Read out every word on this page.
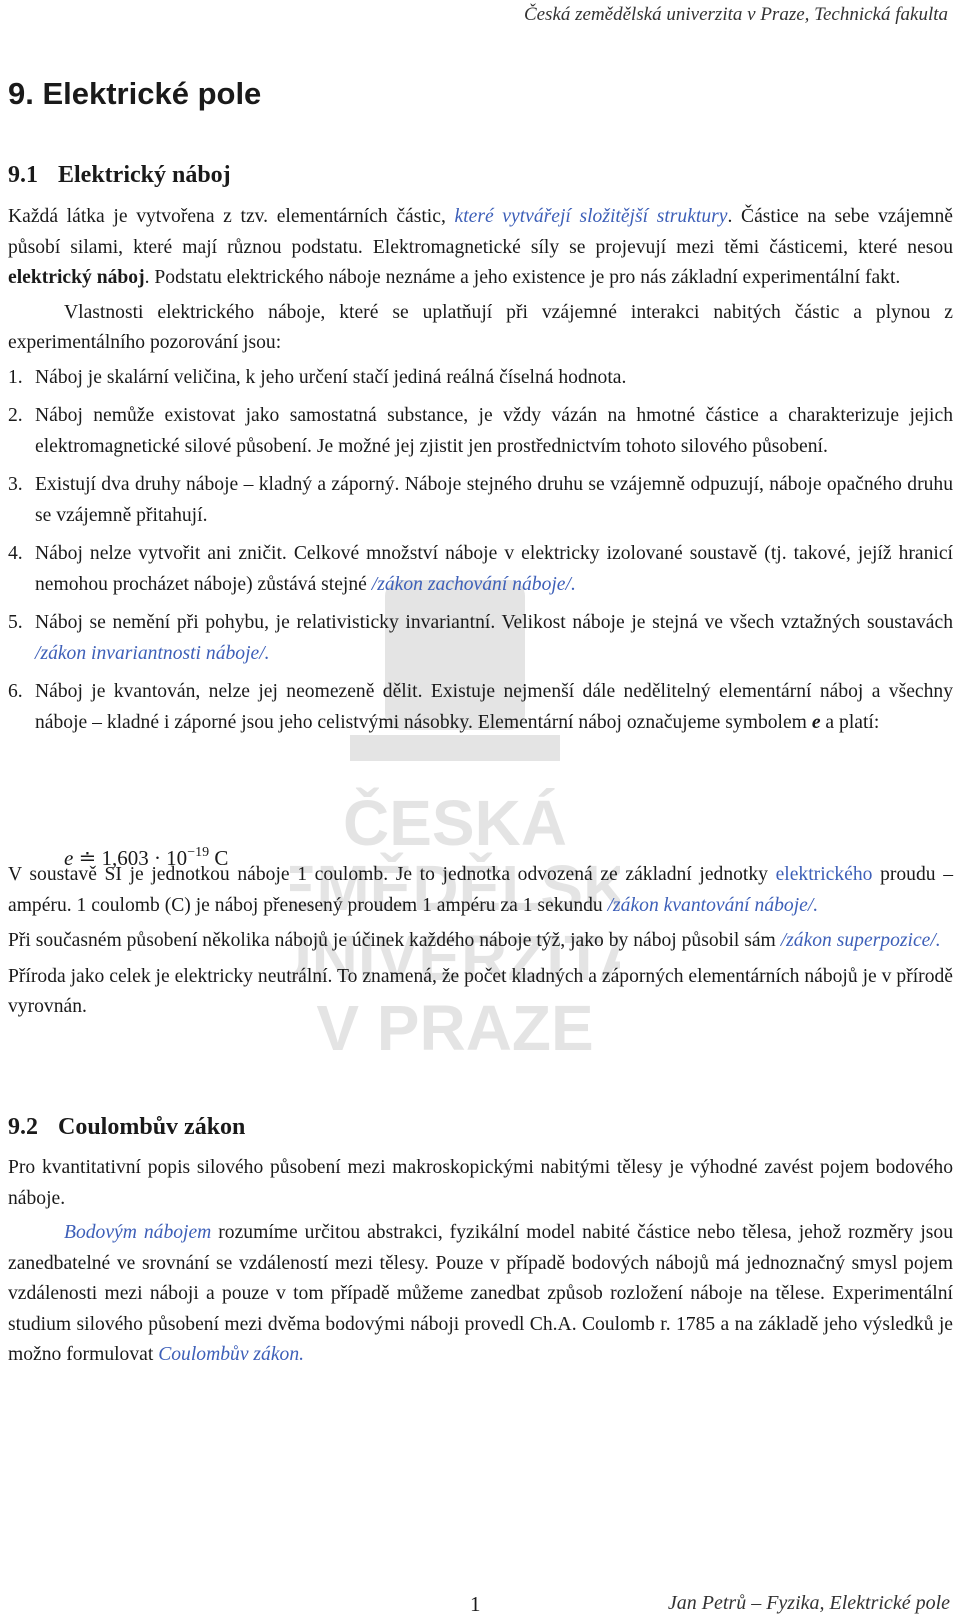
ČESKÁ
EMĚDĚLSK
NIVERZIT
V PRAZE
Česká zemědělská univerzita v Praze, Technická fakulta
9. Elektrické pole
9.1 Elektrický náboj

Každá látka je vytvořena z tzv. elementárních částic, které vytvářejí složitější struktury. Částice na sebe vzájemně působí silami, které mají různou podstatu. Elektromagnetické síly se projevují mezi těmi částicemi, které nesou elektrický náboj. Podstatu elektrického náboje neznáme a jeho existence je pro nás základní experimentální fakt.

Vlastnosti elektrického náboje, které se uplatňují při vzájemné interakci nabitých částic a plynou z experimentálního pozorování jsou:

1. Náboj je skalární veličina, k jeho určení stačí jediná reálná číselná hodnota.
2. Náboj nemůže existovat jako samostatná substance, je vždy vázán na hmotné částice a charakterizuje jejich elektromagnetické silové působení. Je možné jej zjistit jen prostřednictvím tohoto silového působení.
3. Existují dva druhy náboje – kladný a záporný. Náboje stejného druhu se vzájemně odpuzují, náboje opačného druhu se vzájemně přitahují.
4. Náboj nelze vytvořit ani zničit. Celkové množství náboje v elektricky izolované soustavě (tj. takové, jejíž hranicí nemohou procházet náboje) zůstává stejné /zákon zachování náboje/.
5. Náboj se nemění při pohybu, je relativisticky invariantní. Velikost náboje je stejná ve všech vztažných soustavách /zákon invariantnosti náboje/.
6. Náboj je kvantován, nelze jej neomezeně dělit. Existuje nejmenší dále nedělitelný elementární náboj a všechny náboje – kladné i záporné jsou jeho celistvými násobky. Elementární náboj označujeme symbolem e a platí:
e ≐ $1,603 \cdot 10^{-19}$ C

V soustavě SI je jednotkou náboje 1 coulomb. Je to jednotka odvozená ze základní jednotky elektrického proudu – ampéru. 1 coulomb (C) je náboj přenesený proudem 1 ampéru za 1 sekundu /zákon kvantování náboje/.

Při současném působení několika nábojů je účinek každého náboje týž, jako by náboj působil sám /zákon superpozice/.

Příroda jako celek je elektricky neutrální. To znamená, že počet kladných a záporných elementárních nábojů je v přírodě vyrovnán.

9.2 Coulombův zákon

Pro kvantitativní popis silového působení mezi makroskopickými nabitými tělesy je výhodné zavést pojem bodového náboje.

Bodovým nábojem rozumíme určitou abstrakci, fyzikální model nabité částice nebo tělesa, jehož rozměry jsou zanedbatelné ve srovnání se vzdáleností mezi tělesy. Pouze v případě bodových nábojů má jednoznačný smysl pojem vzdálenosti mezi náboji a pouze v tom případě můžeme zanedbat způsob rozložení náboje na tělese. Experimentální studium silového působení mezi dvěma bodovými náboji provedl Ch.A. Coulomb r. 1785 a na základě jeho výsledků je možno formulovat Coulombův zákon.

1	Jan Petrů – Fyzika, Elektrické pole
